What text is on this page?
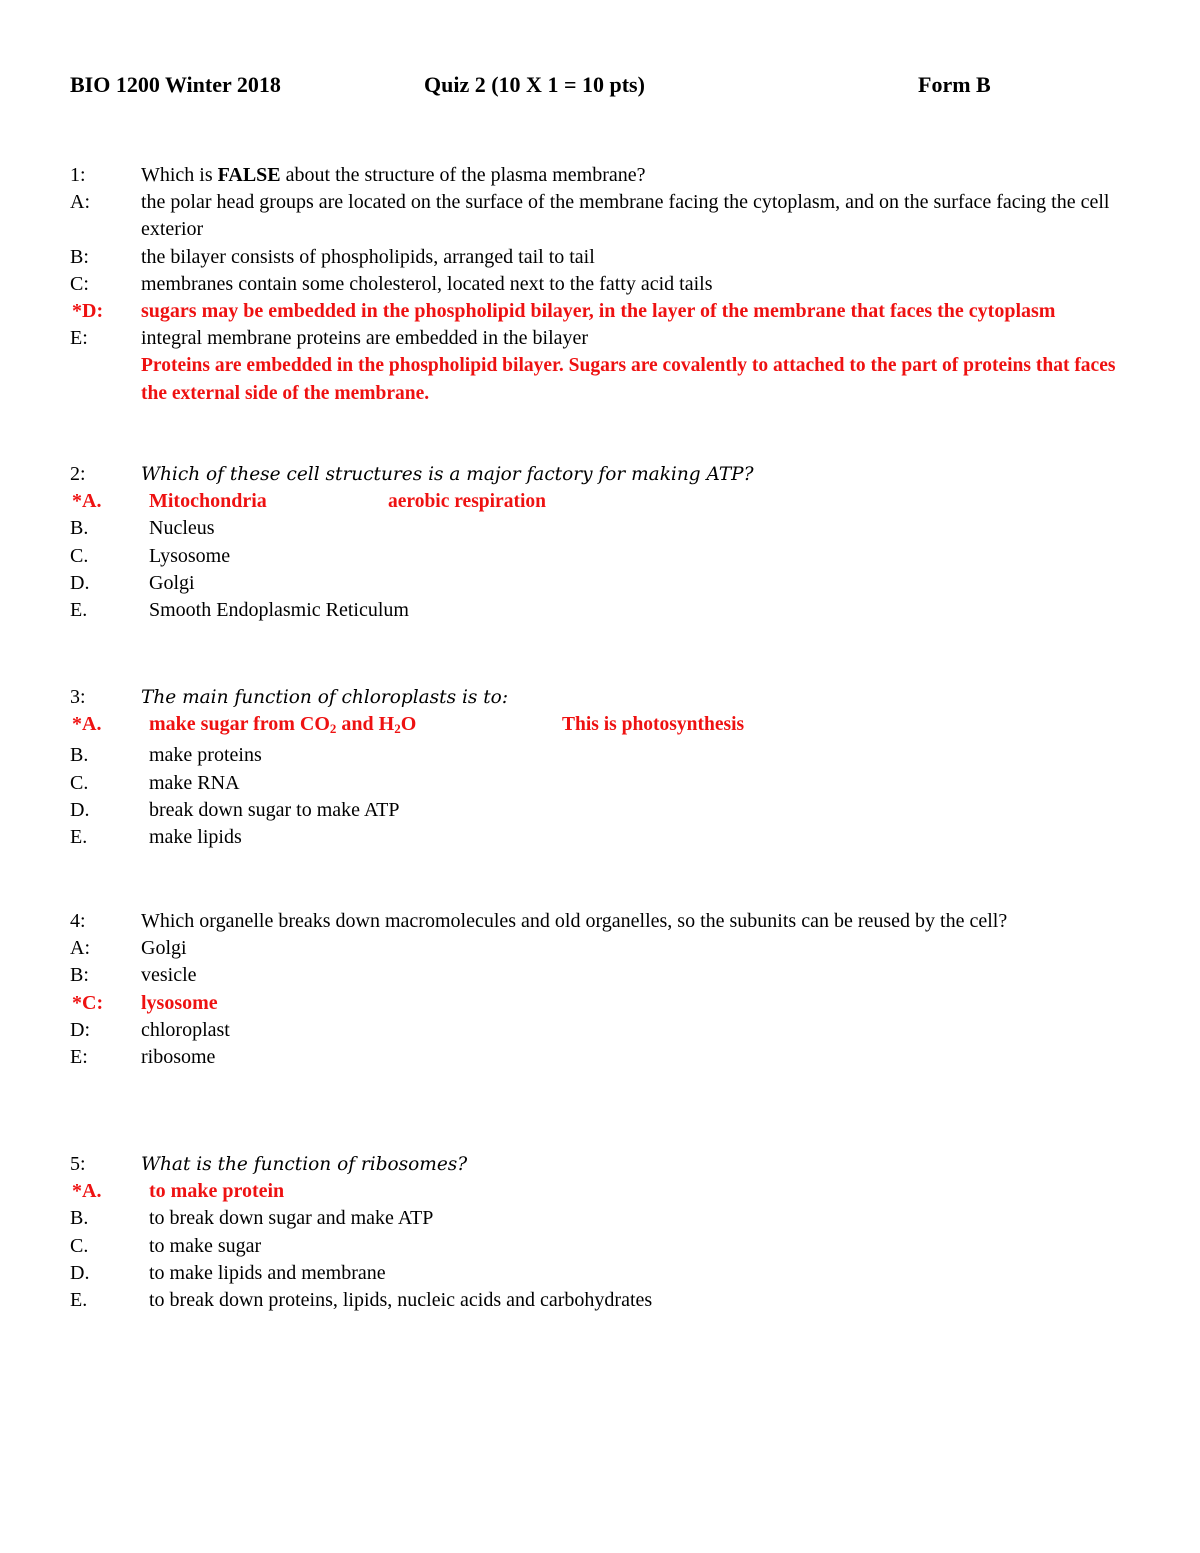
BIO 1200 Winter 2018	Quiz 2 (10 X 1 = 10 pts)	Form B
1:	Which is FALSE about the structure of the plasma membrane?
A:	the polar head groups are located on the surface of the membrane facing the cytoplasm, and on the surface facing the cell exterior
B:	the bilayer consists of phospholipids, arranged tail to tail
C:	membranes contain some cholesterol, located next to the fatty acid tails
*D: sugars may be embedded in the phospholipid bilayer, in the layer of the membrane that faces the cytoplasm
E:	integral membrane proteins are embedded in the bilayer
Proteins are embedded in the phospholipid bilayer. Sugars are covalently to attached to the part of proteins that faces the external side of the membrane.
2:	Which of these cell structures is a major factory for making ATP?
*A. Mitochondria	aerobic respiration
B.	Nucleus
C.	Lysosome
D.	Golgi
E.	Smooth Endoplasmic Reticulum
3:	The main function of chloroplasts is to:
*A. make sugar from $CO_2$ and $H_2O$	This is photosynthesis
B.	make proteins
C.	make RNA
D.	break down sugar to make ATP
E.	make lipids
4:	Which organelle breaks down macromolecules and old organelles, so the subunits can be reused by the cell?
A:	Golgi
B:	vesicle
*C: lysosome
D:	chloroplast
E:	ribosome
5:	What is the function of ribosomes?
*A. to make protein
B.	to break down sugar and make ATP
C.	to make sugar
D.	to make lipids and membrane
E.	to break down proteins, lipids, nucleic acids and carbohydrates
